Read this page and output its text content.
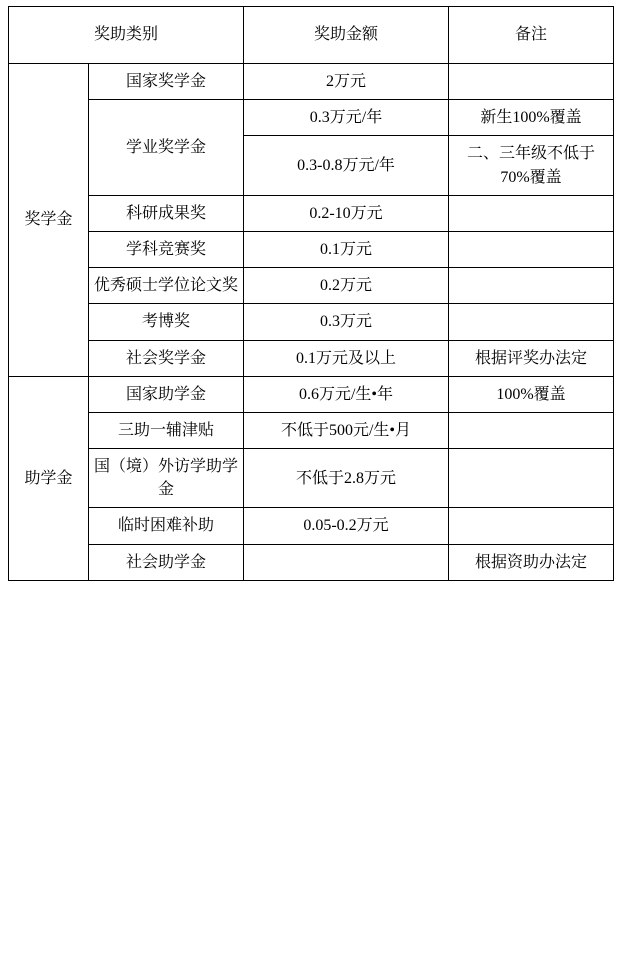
奖助类别		奖助金额	备注
奖学金	国家奖学金	2万元	
	学业奖学金	0.3万元/年	新生100%覆盖
		0.3-0.8万元/年	二、三年级不低于70%覆盖
	科研成果奖	0.2-10万元	
	学科竞赛奖	0.1万元	
	优秀硕士学位论文奖	0.2万元	
	考博奖	0.3万元	
	社会奖学金	0.1万元及以上	根据评奖办法定
助学金	国家助学金	0.6万元/生•年	100%覆盖
	三助一辅津贴	不低于500元/生•月	
	国（境）外访学助学金	不低于2.8万元	
	临时困难补助	0.05-0.2万元	
	社会助学金		根据资助办法定
